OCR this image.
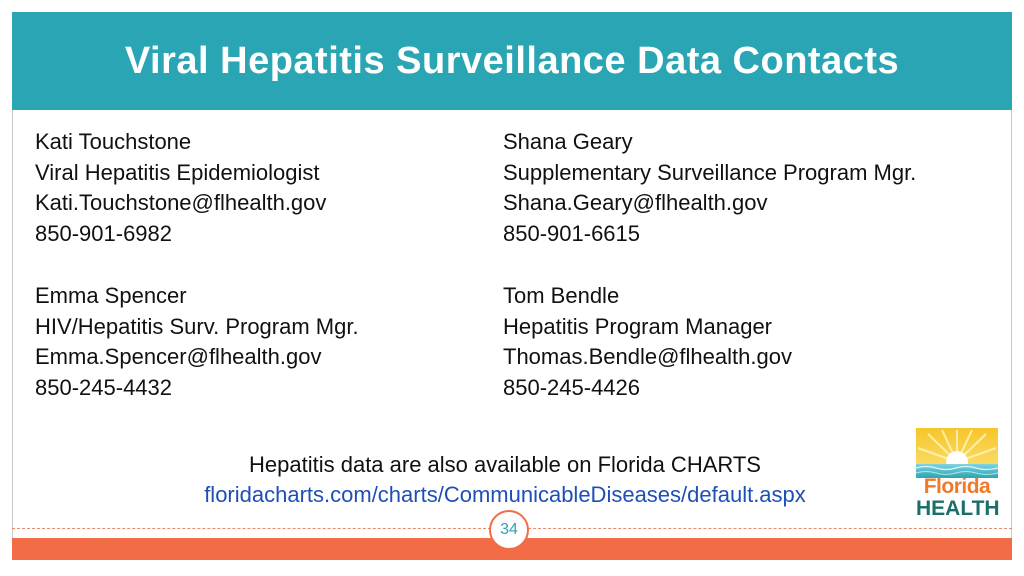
Viral Hepatitis Surveillance Data Contacts
Kati Touchstone
Viral Hepatitis Epidemiologist
Kati.Touchstone@flhealth.gov
850-901-6982
Shana Geary
Supplementary Surveillance Program Mgr.
Shana.Geary@flhealth.gov
850-901-6615
Emma Spencer
HIV/Hepatitis Surv. Program Mgr.
Emma.Spencer@flhealth.gov
850-245-4432
Tom Bendle
Hepatitis Program Manager
Thomas.Bendle@flhealth.gov
850-245-4426
Hepatitis data are also available on Florida CHARTS
floridacharts.com/charts/CommunicableDiseases/default.aspx
34
Florida
HEALTH
